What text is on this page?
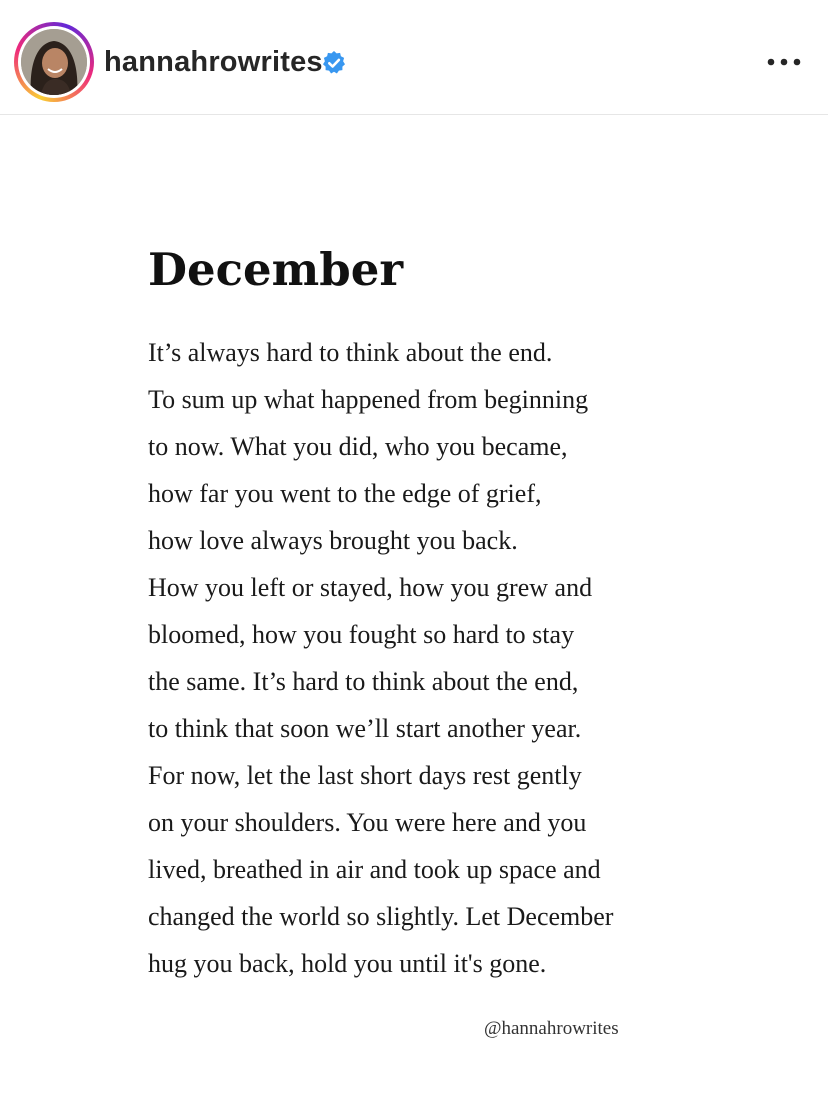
hannahrowrites
December
It’s always hard to think about the end.
To sum up what happened from beginning
to now. What you did, who you became,
how far you went to the edge of grief,
how love always brought you back.
How you left or stayed, how you grew and
bloomed, how you fought so hard to stay
the same. It’s hard to think about the end,
to think that soon we’ll start another year.
For now, let the last short days rest gently
on your shoulders. You were here and you
lived, breathed in air and took up space and
changed the world so slightly. Let December
hug you back, hold you until it's gone.
@hannahrowrites
